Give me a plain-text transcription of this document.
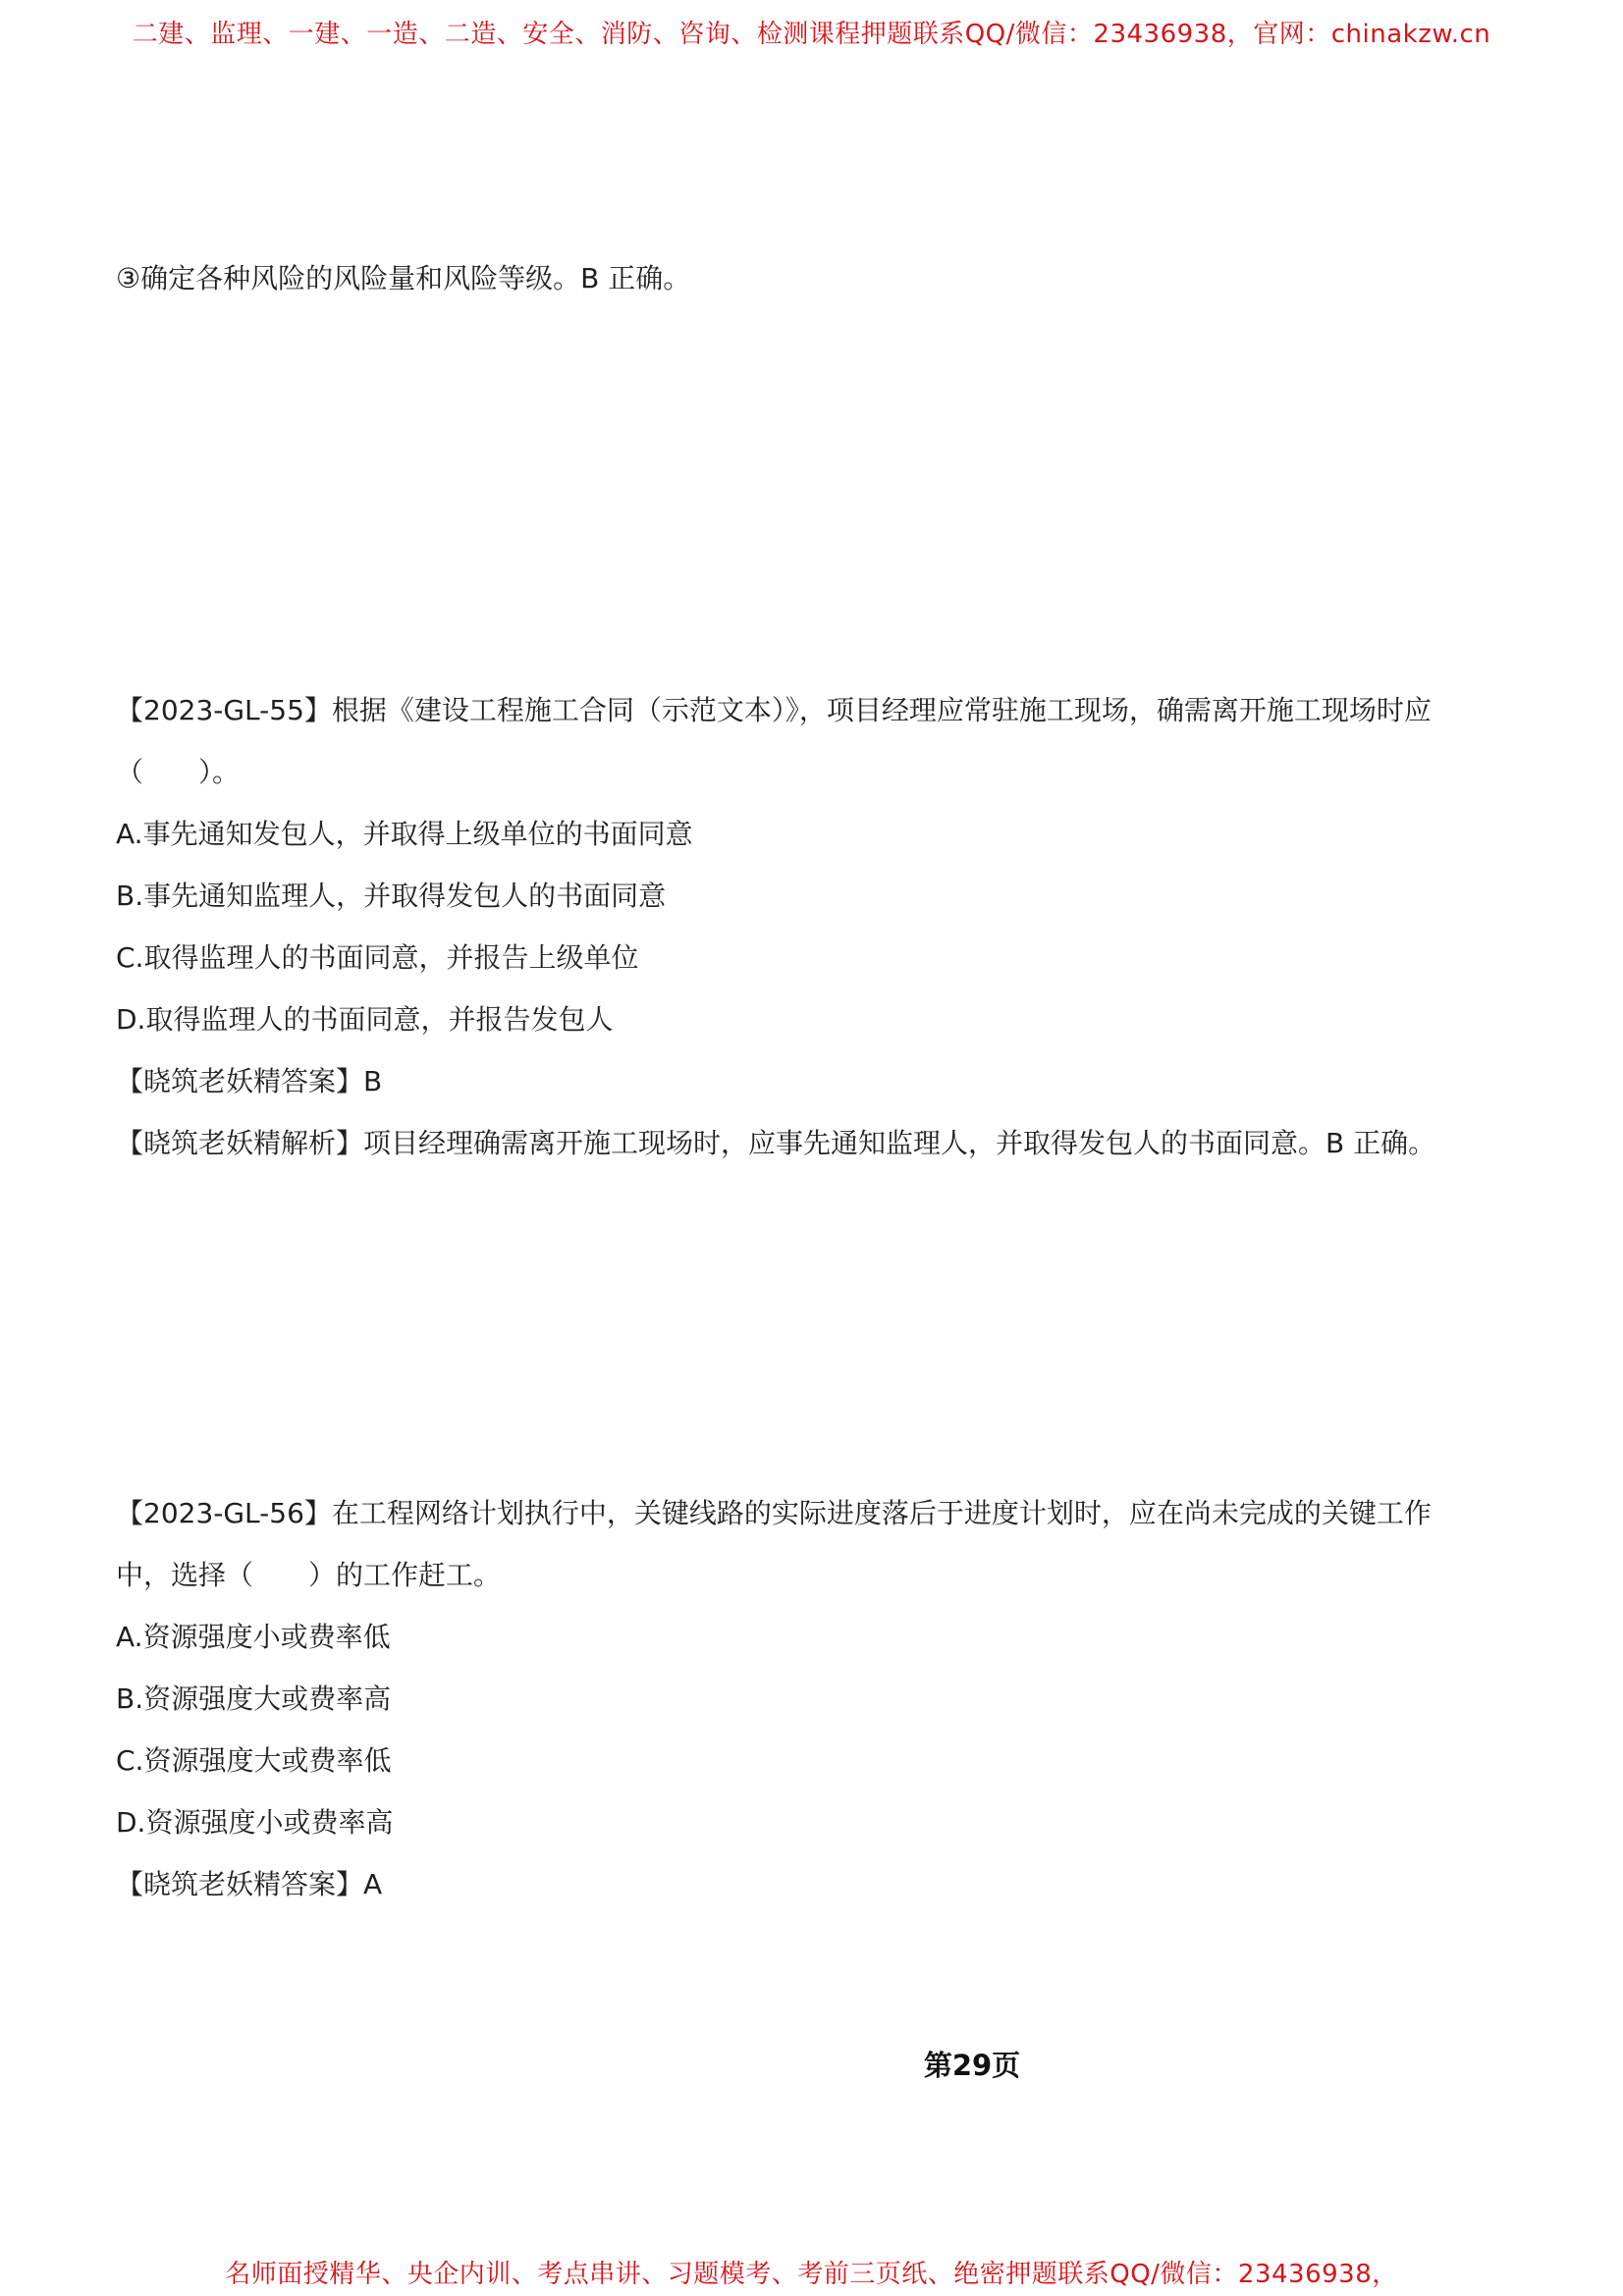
二建、监理、一建、一造、二造、安全、消防、咨询、检测课程押题联系QQ/微信：23436938，官网：chinakzw.cn
③确定各种风险的风险量和风险等级。B 正确。
【2023-GL-55】根据《建设工程施工合同（示范文本）》，项目经理应常驻施工现场，确需离开施工现场时应
（　　）。
A.事先通知发包人，并取得上级单位的书面同意
B.事先通知监理人，并取得发包人的书面同意
C.取得监理人的书面同意，并报告上级单位
D.取得监理人的书面同意，并报告发包人
【晓筑老妖精答案】B
【晓筑老妖精解析】项目经理确需离开施工现场时，应事先通知监理人，并取得发包人的书面同意。B 正确。
【2023-GL-56】在工程网络计划执行中，关键线路的实际进度落后于进度计划时，应在尚未完成的关键工作
中，选择（　　）的工作赶工。
A.资源强度小或费率低
B.资源强度大或费率高
C.资源强度大或费率低
D.资源强度小或费率高
【晓筑老妖精答案】A
第29页
名师面授精华、央企内训、考点串讲、习题模考、考前三页纸、绝密押题联系QQ/微信：23436938，
